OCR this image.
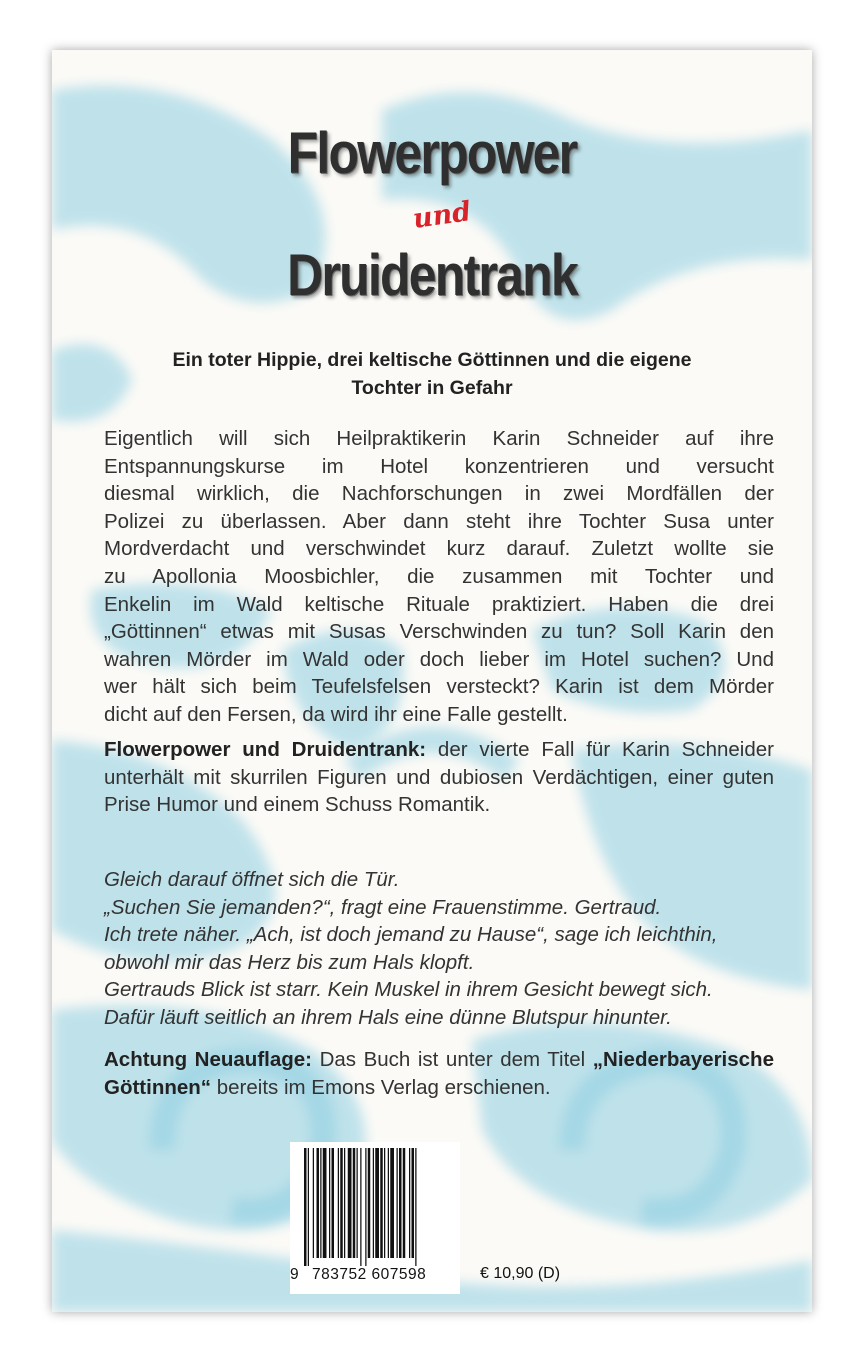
Flowerpower
und
Druidentrank
Ein toter Hippie, drei keltische Göttinnen und die eigene
Tochter in Gefahr
Eigentlich will sich Heilpraktikerin Karin Schneider auf ihre
Entspannungskurse im Hotel konzentrieren und versucht
diesmal wirklich, die Nachforschungen in zwei Mordfällen der
Polizei zu überlassen. Aber dann steht ihre Tochter Susa unter
Mordverdacht und verschwindet kurz darauf. Zuletzt wollte sie
zu Apollonia Moosbichler, die zusammen mit Tochter und
Enkelin im Wald keltische Rituale praktiziert. Haben die drei
„Göttinnen“ etwas mit Susas Verschwinden zu tun? Soll Karin den
wahren Mörder im Wald oder doch lieber im Hotel suchen? Und
wer hält sich beim Teufelsfelsen versteckt? Karin ist dem Mörder
dicht auf den Fersen, da wird ihr eine Falle gestellt.
Flowerpower und Druidentrank: der vierte Fall für Karin Schneider unterhält mit skurrilen Figuren und dubiosen Verdächtigen, einer guten Prise Humor und einem Schuss Romantik.
Gleich darauf öffnet sich die Tür.
„Suchen Sie jemanden?“, fragt eine Frauenstimme. Gertraud.
Ich trete näher. „Ach, ist doch jemand zu Hause“, sage ich leichthin,
obwohl mir das Herz bis zum Hals klopft.
Gertrauds Blick ist starr. Kein Muskel in ihrem Gesicht bewegt sich.
Dafür läuft seitlich an ihrem Hals eine dünne Blutspur hinunter.
Achtung Neuauflage: Das Buch ist unter dem Titel „Niederbayerische Göttinnen“ bereits im Emons Verlag erschienen.
9 783752 607598	€ 10,90 (D)
